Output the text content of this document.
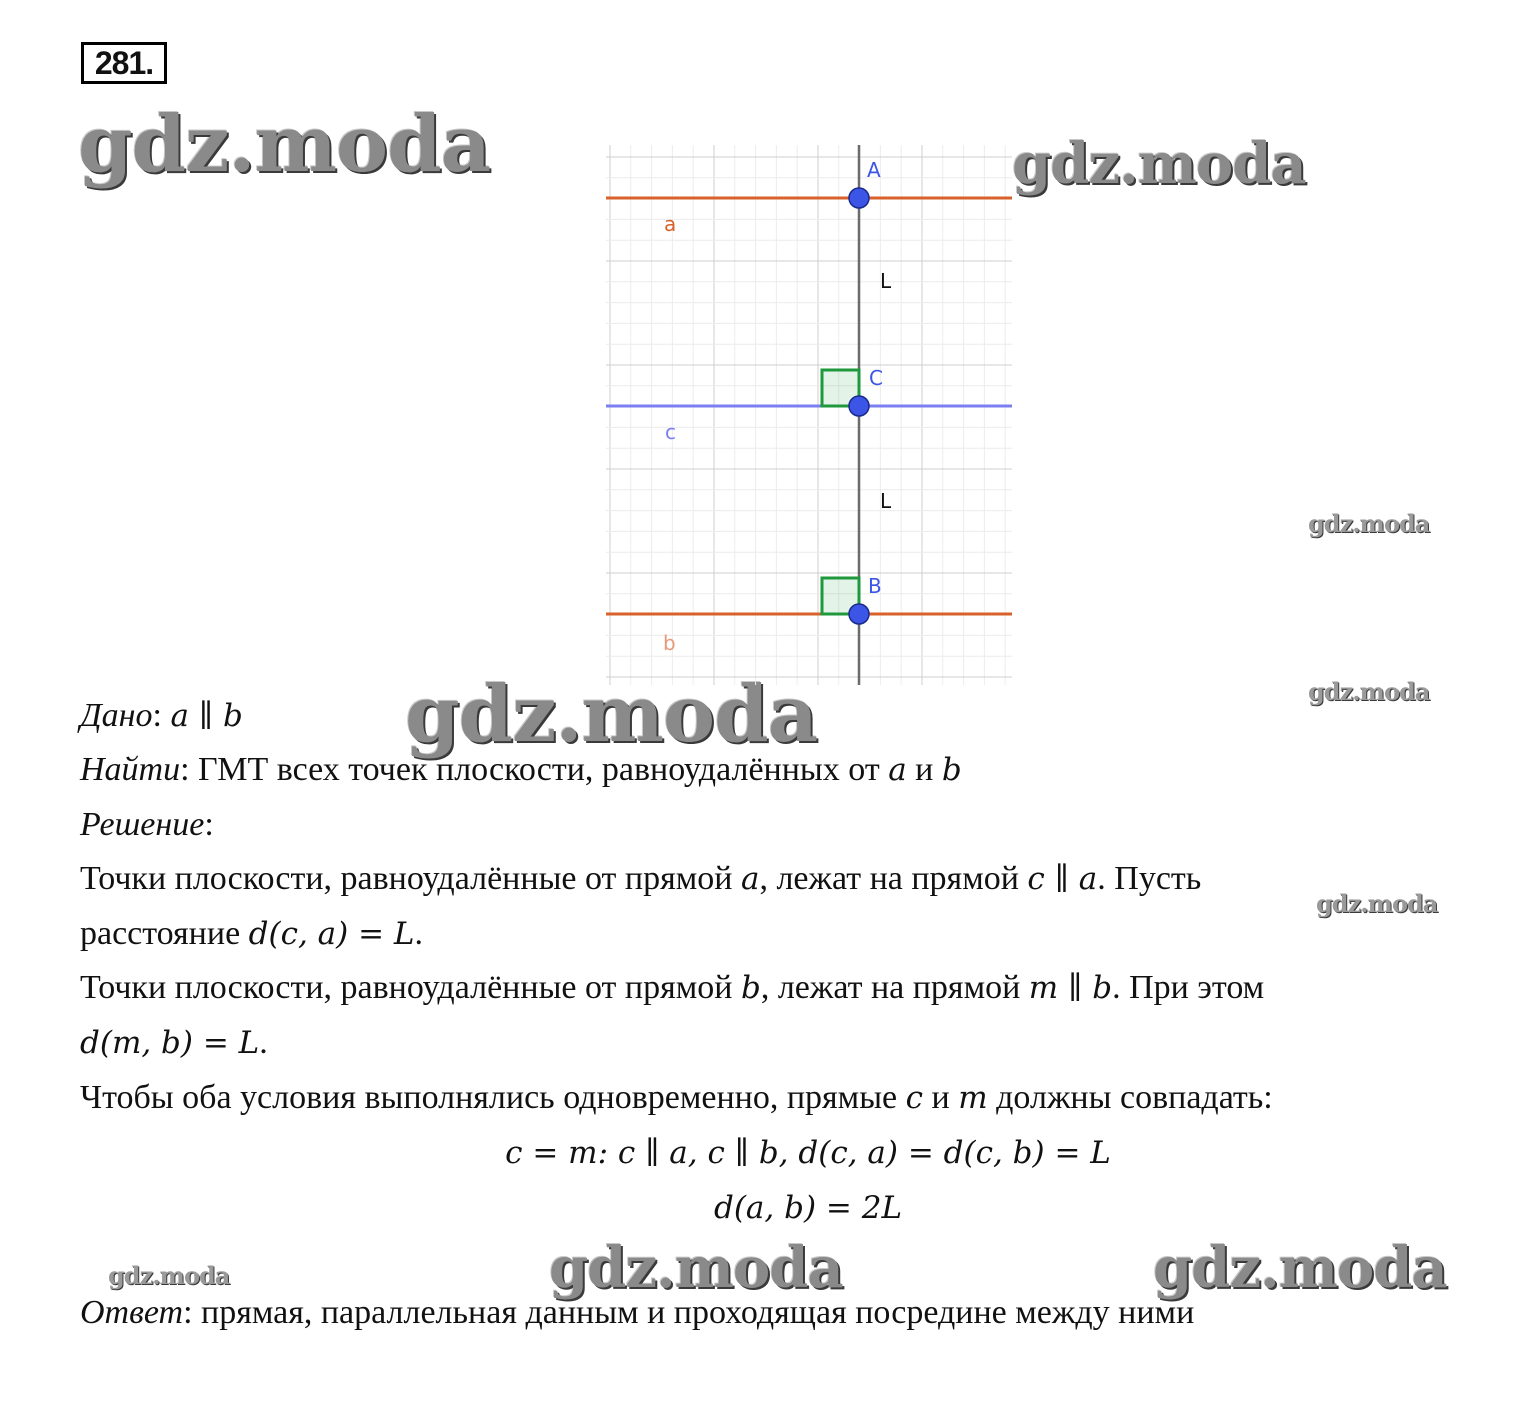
281.
gdz.moda	gdz.moda
gdz.moda
gdz.moda
gdz.moda
gdz.moda
gdz.moda	gdz.moda	gdz.moda
A
C
B
a
c
b
L
L
Дано: a ∥ b
Найти: ГМТ всех точек плоскости, равноудалённых от a и b
Решение:
Точки плоскости, равноудалённые от прямой a, лежат на прямой c ∥ a. Пусть
расстояние d(c, a) = L.
Точки плоскости, равноудалённые от прямой b, лежат на прямой m ∥ b. При этом
d(m, b) = L.
Чтобы оба условия выполнялись одновременно, прямые c и m должны совпадать:
c = m: c ∥ a, c ∥ b, d(c, a) = d(c, b) = L
d(a, b) = 2L
Ответ: прямая, параллельная данным и проходящая посредине между ними
